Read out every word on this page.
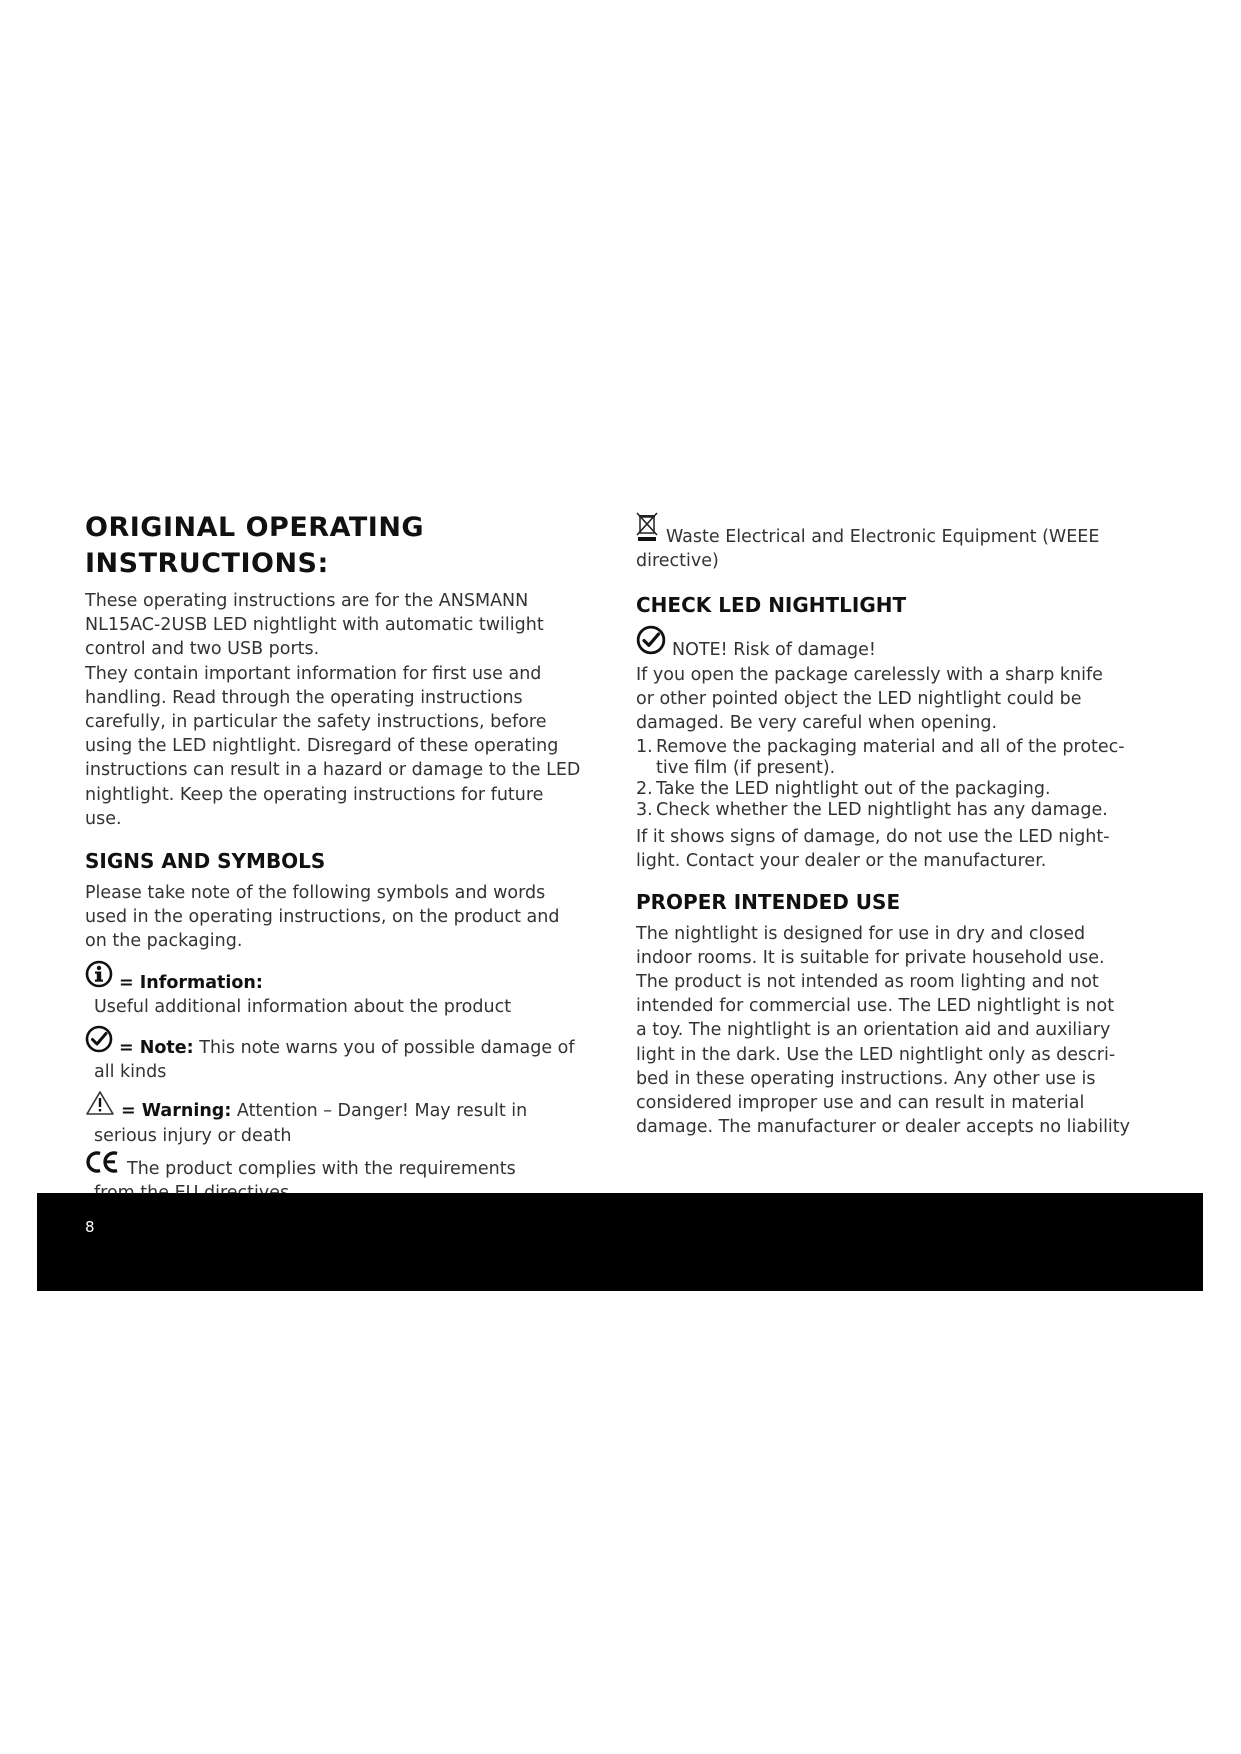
ORIGINAL OPERATING INSTRUCTIONS:

These operating instructions are for the ANSMANN

NL15AC-2USB LED nightlight with automatic twilight

control and two USB ports.

They contain important information for first use and

handling. Read through the operating instructions

carefully, in particular the safety instructions, before

using the LED nightlight. Disregard of these operating

instructions can result in a hazard or damage to the LED

nightlight. Keep the operating instructions for future

use.

SIGNS AND SYMBOLS

Please take note of the following symbols and words

used in the operating instructions, on the product and

on the packaging.

= Information:
Useful additional information about the product
= Note: This note warns you of possible damage of
all kinds
= Warning: Attention – Danger! May result in
serious injury or death
The product complies with the requirements
Waste Electrical and Electronic Equipment (WEEE

directive)

CHECK LED NIGHTLIGHT
NOTE! Risk of damage!

If you open the package carelessly with a sharp knife

or other pointed object the LED nightlight could be

damaged. Be very careful when opening.

1. Remove the packaging material and all of the protec-
tive film (if present).
2. Take the LED nightlight out of the packaging.
3. Check whether the LED nightlight has any damage.

If it shows signs of damage, do not use the LED night-

light. Contact your dealer or the manufacturer.

PROPER INTENDED USE

The nightlight is designed for use in dry and closed

indoor rooms. It is suitable for private household use.

The product is not intended as room lighting and not

intended for commercial use. The LED nightlight is not

a toy. The nightlight is an orientation aid and auxiliary

light in the dark. Use the LED nightlight only as descri-

bed in these operating instructions. Any other use is

considered improper use and can result in material

damage. The manufacturer or dealer accepts no liability

8
